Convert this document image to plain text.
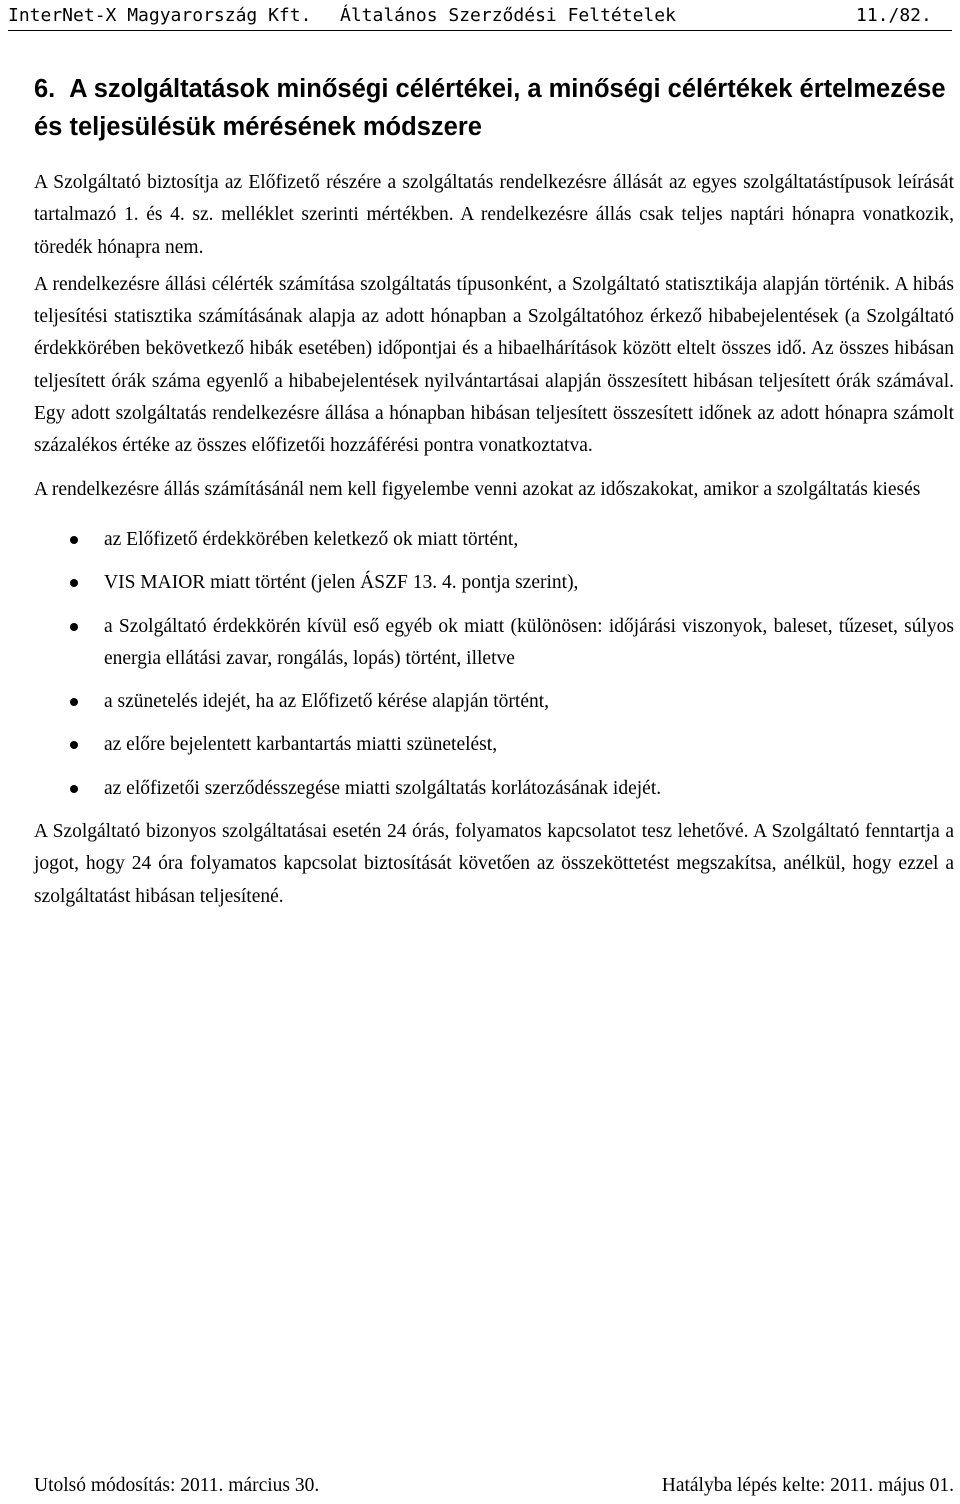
InterNet-X Magyarország Kft. Általános Szerződési Feltételek	11./82.
6. A szolgáltatások minőségi célértékei, a minőségi célértékek értelmezése és teljesülésük mérésének módszere

A Szolgáltató biztosítja az Előfizető részére a szolgáltatás rendelkezésre állását az egyes szolgáltatástípusok leírását tartalmazó 1. és 4. sz. melléklet szerinti mértékben. A rendelkezésre állás csak teljes naptári hónapra vonatkozik, töredék hónapra nem.

A rendelkezésre állási célérték számítása szolgáltatás típusonként, a Szolgáltató statisztikája alapján történik. A hibás teljesítési statisztika számításának alapja az adott hónapban a Szolgáltatóhoz érkező hibabejelentések (a Szolgáltató érdekkörében bekövetkező hibák esetében) időpontjai és a hibaelhárítások között eltelt összes idő. Az összes hibásan teljesített órák száma egyenlő a hibabejelentések nyilvántartásai alapján összesített hibásan teljesített órák számával. Egy adott szolgáltatás rendelkezésre állása a hónapban hibásan teljesített összesített időnek az adott hónapra számolt százalékos értéke az összes előfizetői hozzáférési pontra vonatkoztatva.

A rendelkezésre állás számításánál nem kell figyelembe venni azokat az időszakokat, amikor a szolgáltatás kiesés

az Előfizető érdekkörében keletkező ok miatt történt,
VIS MAIOR miatt történt (jelen ÁSZF 13. 4. pontja szerint),
a Szolgáltató érdekkörén kívül eső egyéb ok miatt (különösen: időjárási viszonyok, baleset, tűzeset, súlyos energia ellátási zavar, rongálás, lopás) történt, illetve
a szünetelés idejét, ha az Előfizető kérése alapján történt,
az előre bejelentett karbantartás miatti szünetelést,
az előfizetői szerződésszegése miatti szolgáltatás korlátozásának idejét.

A Szolgáltató bizonyos szolgáltatásai esetén 24 órás, folyamatos kapcsolatot tesz lehetővé. A Szolgáltató fenntartja a jogot, hogy 24 óra folyamatos kapcsolat biztosítását követően az összeköttetést megszakítsa, anélkül, hogy ezzel a szolgáltatást hibásan teljesítené.

Utolsó módosítás: 2011. március 30.	Hatályba lépés kelte: 2011. május 01.
